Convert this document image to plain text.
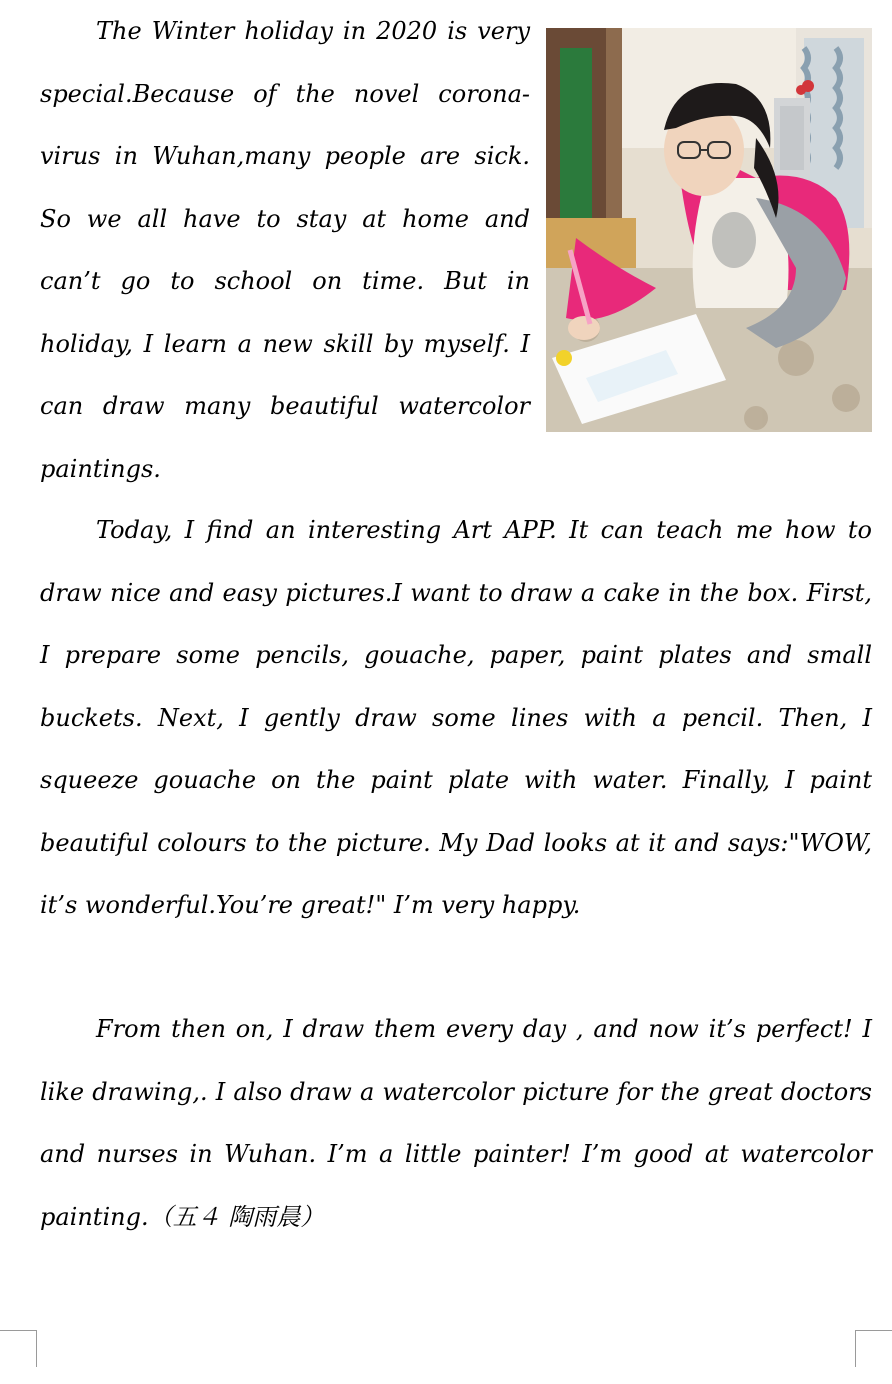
The Winter holiday in 2020 is very special.Because of the novel corona-virus in Wuhan,many people are sick. So we all have to stay at home and can’t go to school on time. But in holiday, I learn a new skill by myself. I can draw many beautiful watercolor paintings.

Today, I find an interesting Art APP. It can teach me how to draw nice and easy pictures.I want to draw a cake in the box. First, I prepare some pencils, gouache, paper, paint plates and small buckets. Next, I gently draw some lines with a pencil. Then, I squeeze gouache on the paint plate with water. Finally, I paint beautiful colours to the picture. My Dad looks at it and says:"WOW, it’s wonderful.You’re great!" I’m very happy.

From then on, I draw them every day , and now it’s perfect! I like drawing,. I also draw a watercolor picture for the great doctors and nurses in Wuhan. I’m a little painter! I’m good at watercolor painting.（五４ 陶雨晨）
